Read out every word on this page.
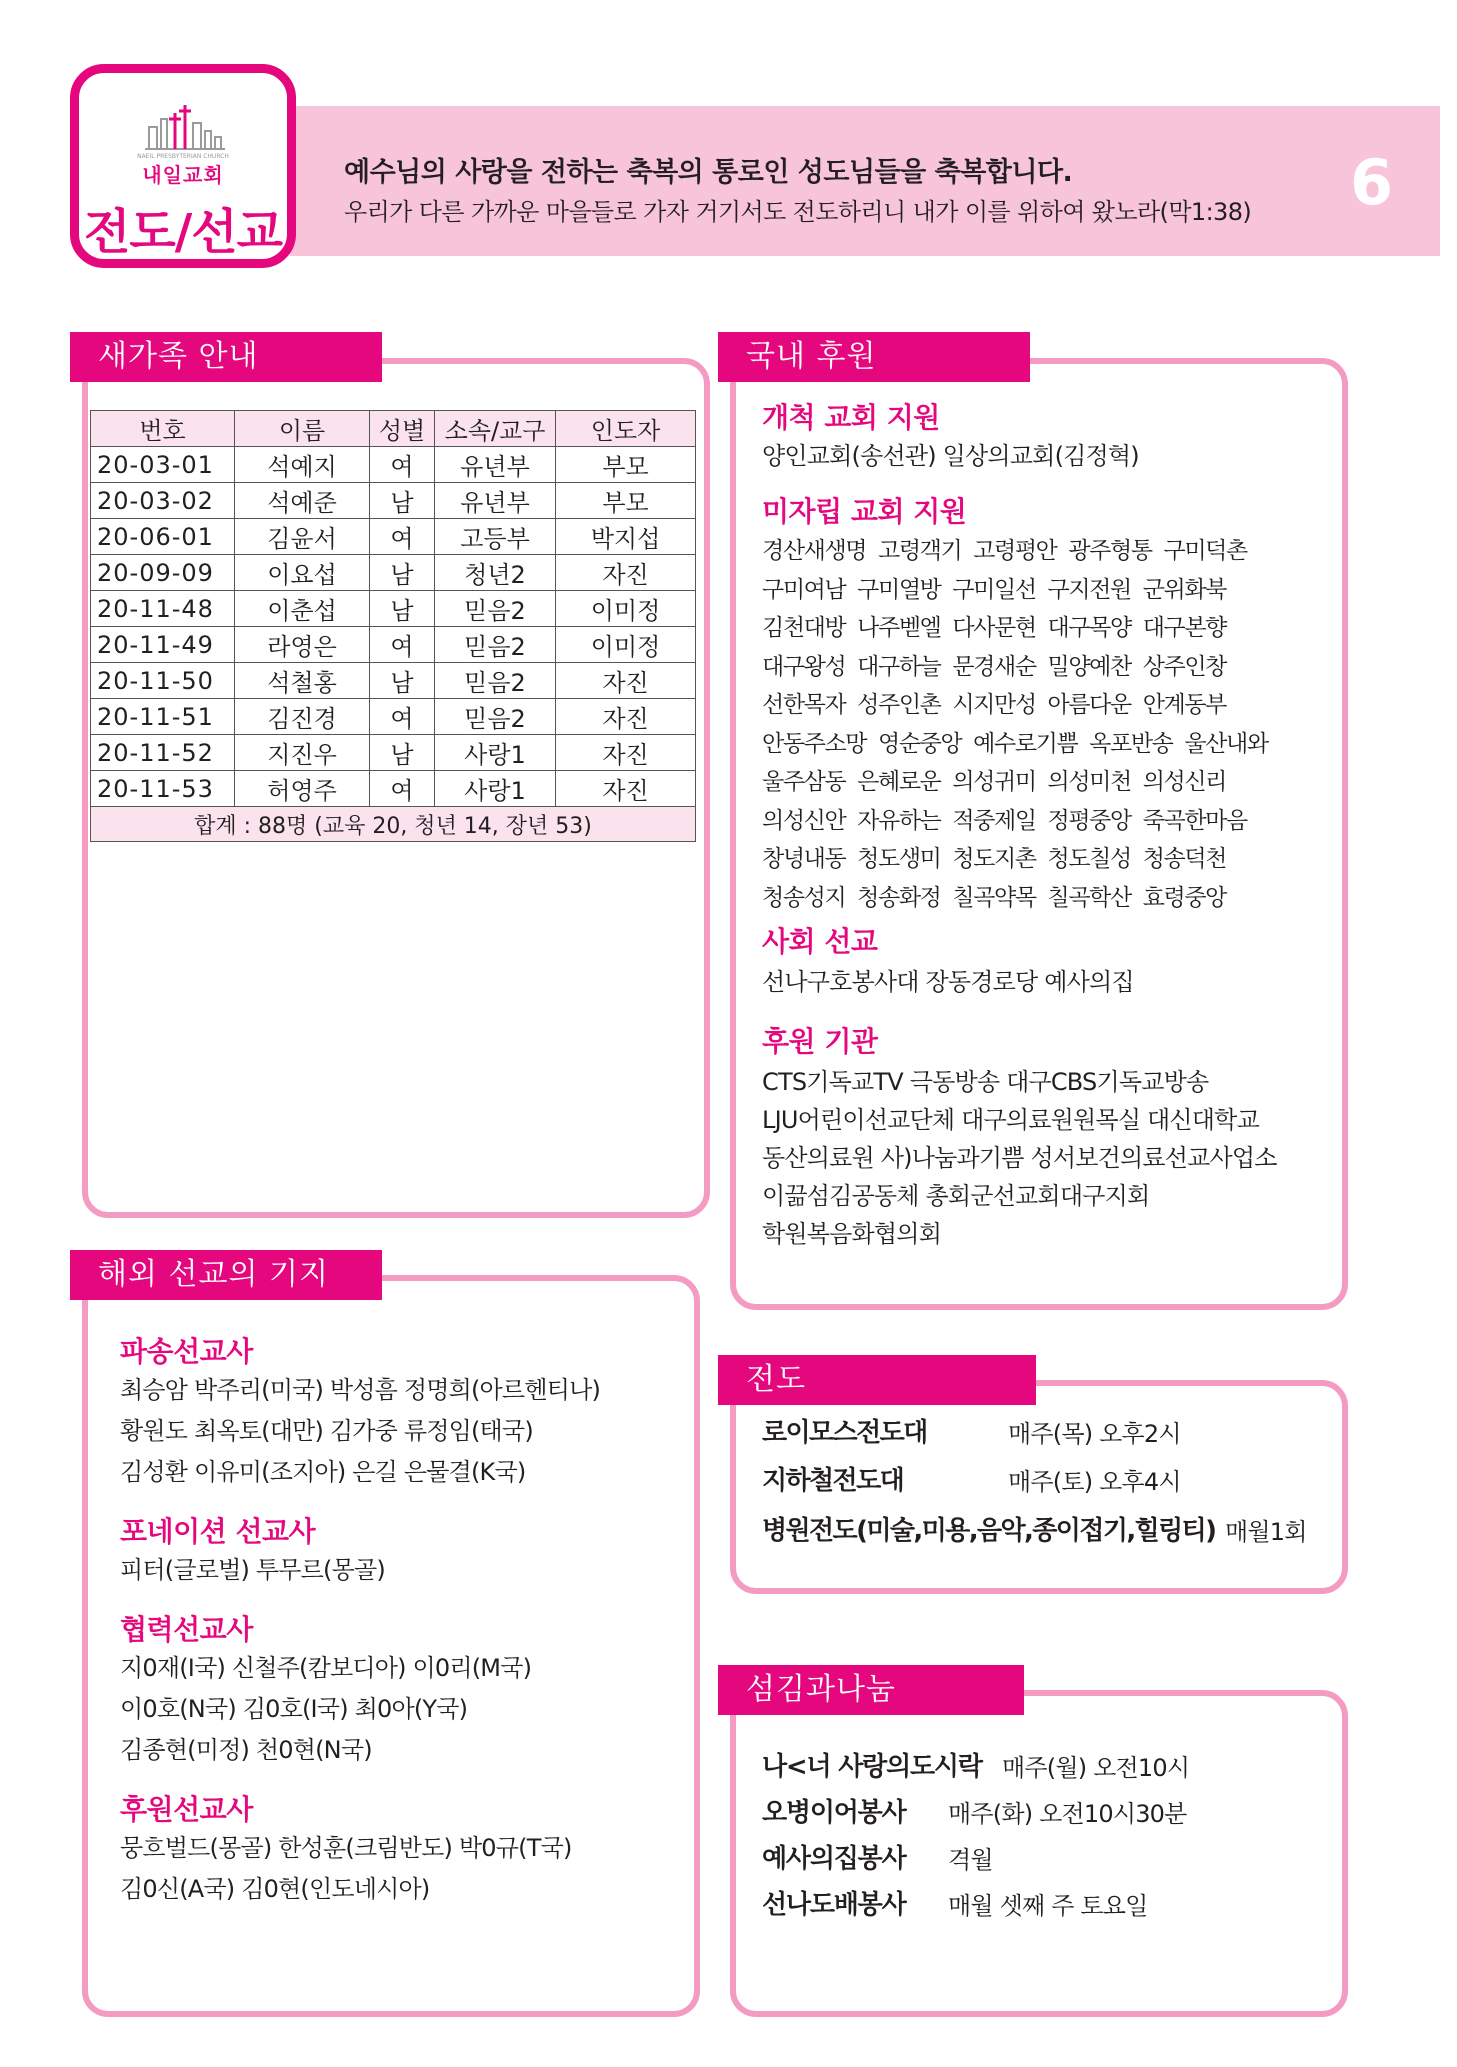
6
NAEIL PRESBYTERIAN CHURCH
내일교회
전도/선교
예수님의 사랑을 전하는 축복의 통로인 성도님들을 축복합니다.
우리가 다른 가까운 마을들로 가자 거기서도 전도하리니 내가 이를 위하여 왔노라(막1:38)
새가족 안내
번호	이름	성별	소속/교구	인도자
20-03-01	석예지	여	유년부	부모
20-03-02	석예준	남	유년부	부모
20-06-01	김윤서	여	고등부	박지섭
20-09-09	이요섭	남	청년2	자진
20-11-48	이춘섭	남	믿음2	이미정
20-11-49	라영은	여	믿음2	이미정
20-11-50	석철홍	남	믿음2	자진
20-11-51	김진경	여	믿음2	자진
20-11-52	지진우	남	사랑1	자진
20-11-53	허영주	여	사랑1	자진
합계 : 88명 (교육 20, 청년 14, 장년 53)				
해외 선교의 기지
파송선교사
최승암 박주리(미국) 박성흠 정명희(아르헨티나)
황원도 최옥토(대만) 김가중 류정임(태국)
김성환 이유미(조지아) 은길 은물결(K국)
포네이션 선교사
피터(글로벌) 투무르(몽골)
협력선교사
지0재(I국) 신철주(캄보디아) 이0리(M국)
이0호(N국) 김0호(I국) 최0아(Y국)
김종현(미정) 천0현(N국)
후원선교사
뭉흐벌드(몽골) 한성훈(크림반도) 박0규(T국)
김0신(A국) 김0현(인도네시아)
국내 후원
개척 교회 지원
양인교회(송선관) 일상의교회(김정혁)
미자립 교회 지원
경산새생명 고령객기 고령평안 광주형통 구미덕촌
구미여남 구미열방 구미일선 구지전원 군위화북
김천대방 나주벧엘 다사문현 대구목양 대구본향
대구왕성 대구하늘 문경새순 밀양예찬 상주인창
선한목자 성주인촌 시지만성 아름다운 안계동부
안동주소망 영순중앙 예수로기쁨 옥포반송 울산내와
울주삼동 은혜로운 의성귀미 의성미천 의성신리
의성신안 자유하는 적중제일 정평중앙 죽곡한마음
창녕내동 청도생미 청도지촌 청도칠성 청송덕천
청송성지 청송화정 칠곡약목 칠곡학산 효령중앙
사회 선교
선나구호봉사대 장동경로당 예사의집
후원 기관
CTS기독교TV 극동방송 대구CBS기독교방송
LJU어린이선교단체 대구의료원원목실 대신대학교
동산의료원 사)나눔과기쁨 성서보건의료선교사업소
이끎섬김공동체 총회군선교회대구지회
학원복음화협의회
전도
로이모스전도대	매주(목) 오후2시
지하철전도대	매주(토) 오후4시
병원전도(미술,미용,음악,종이접기,힐링티) 매월1회
섬김과나눔
나<너 사랑의도시락 매주(월) 오전10시
오병이어봉사 매주(화) 오전10시30분
예사의집봉사 격월
선나도배봉사 매월 셋째 주 토요일
